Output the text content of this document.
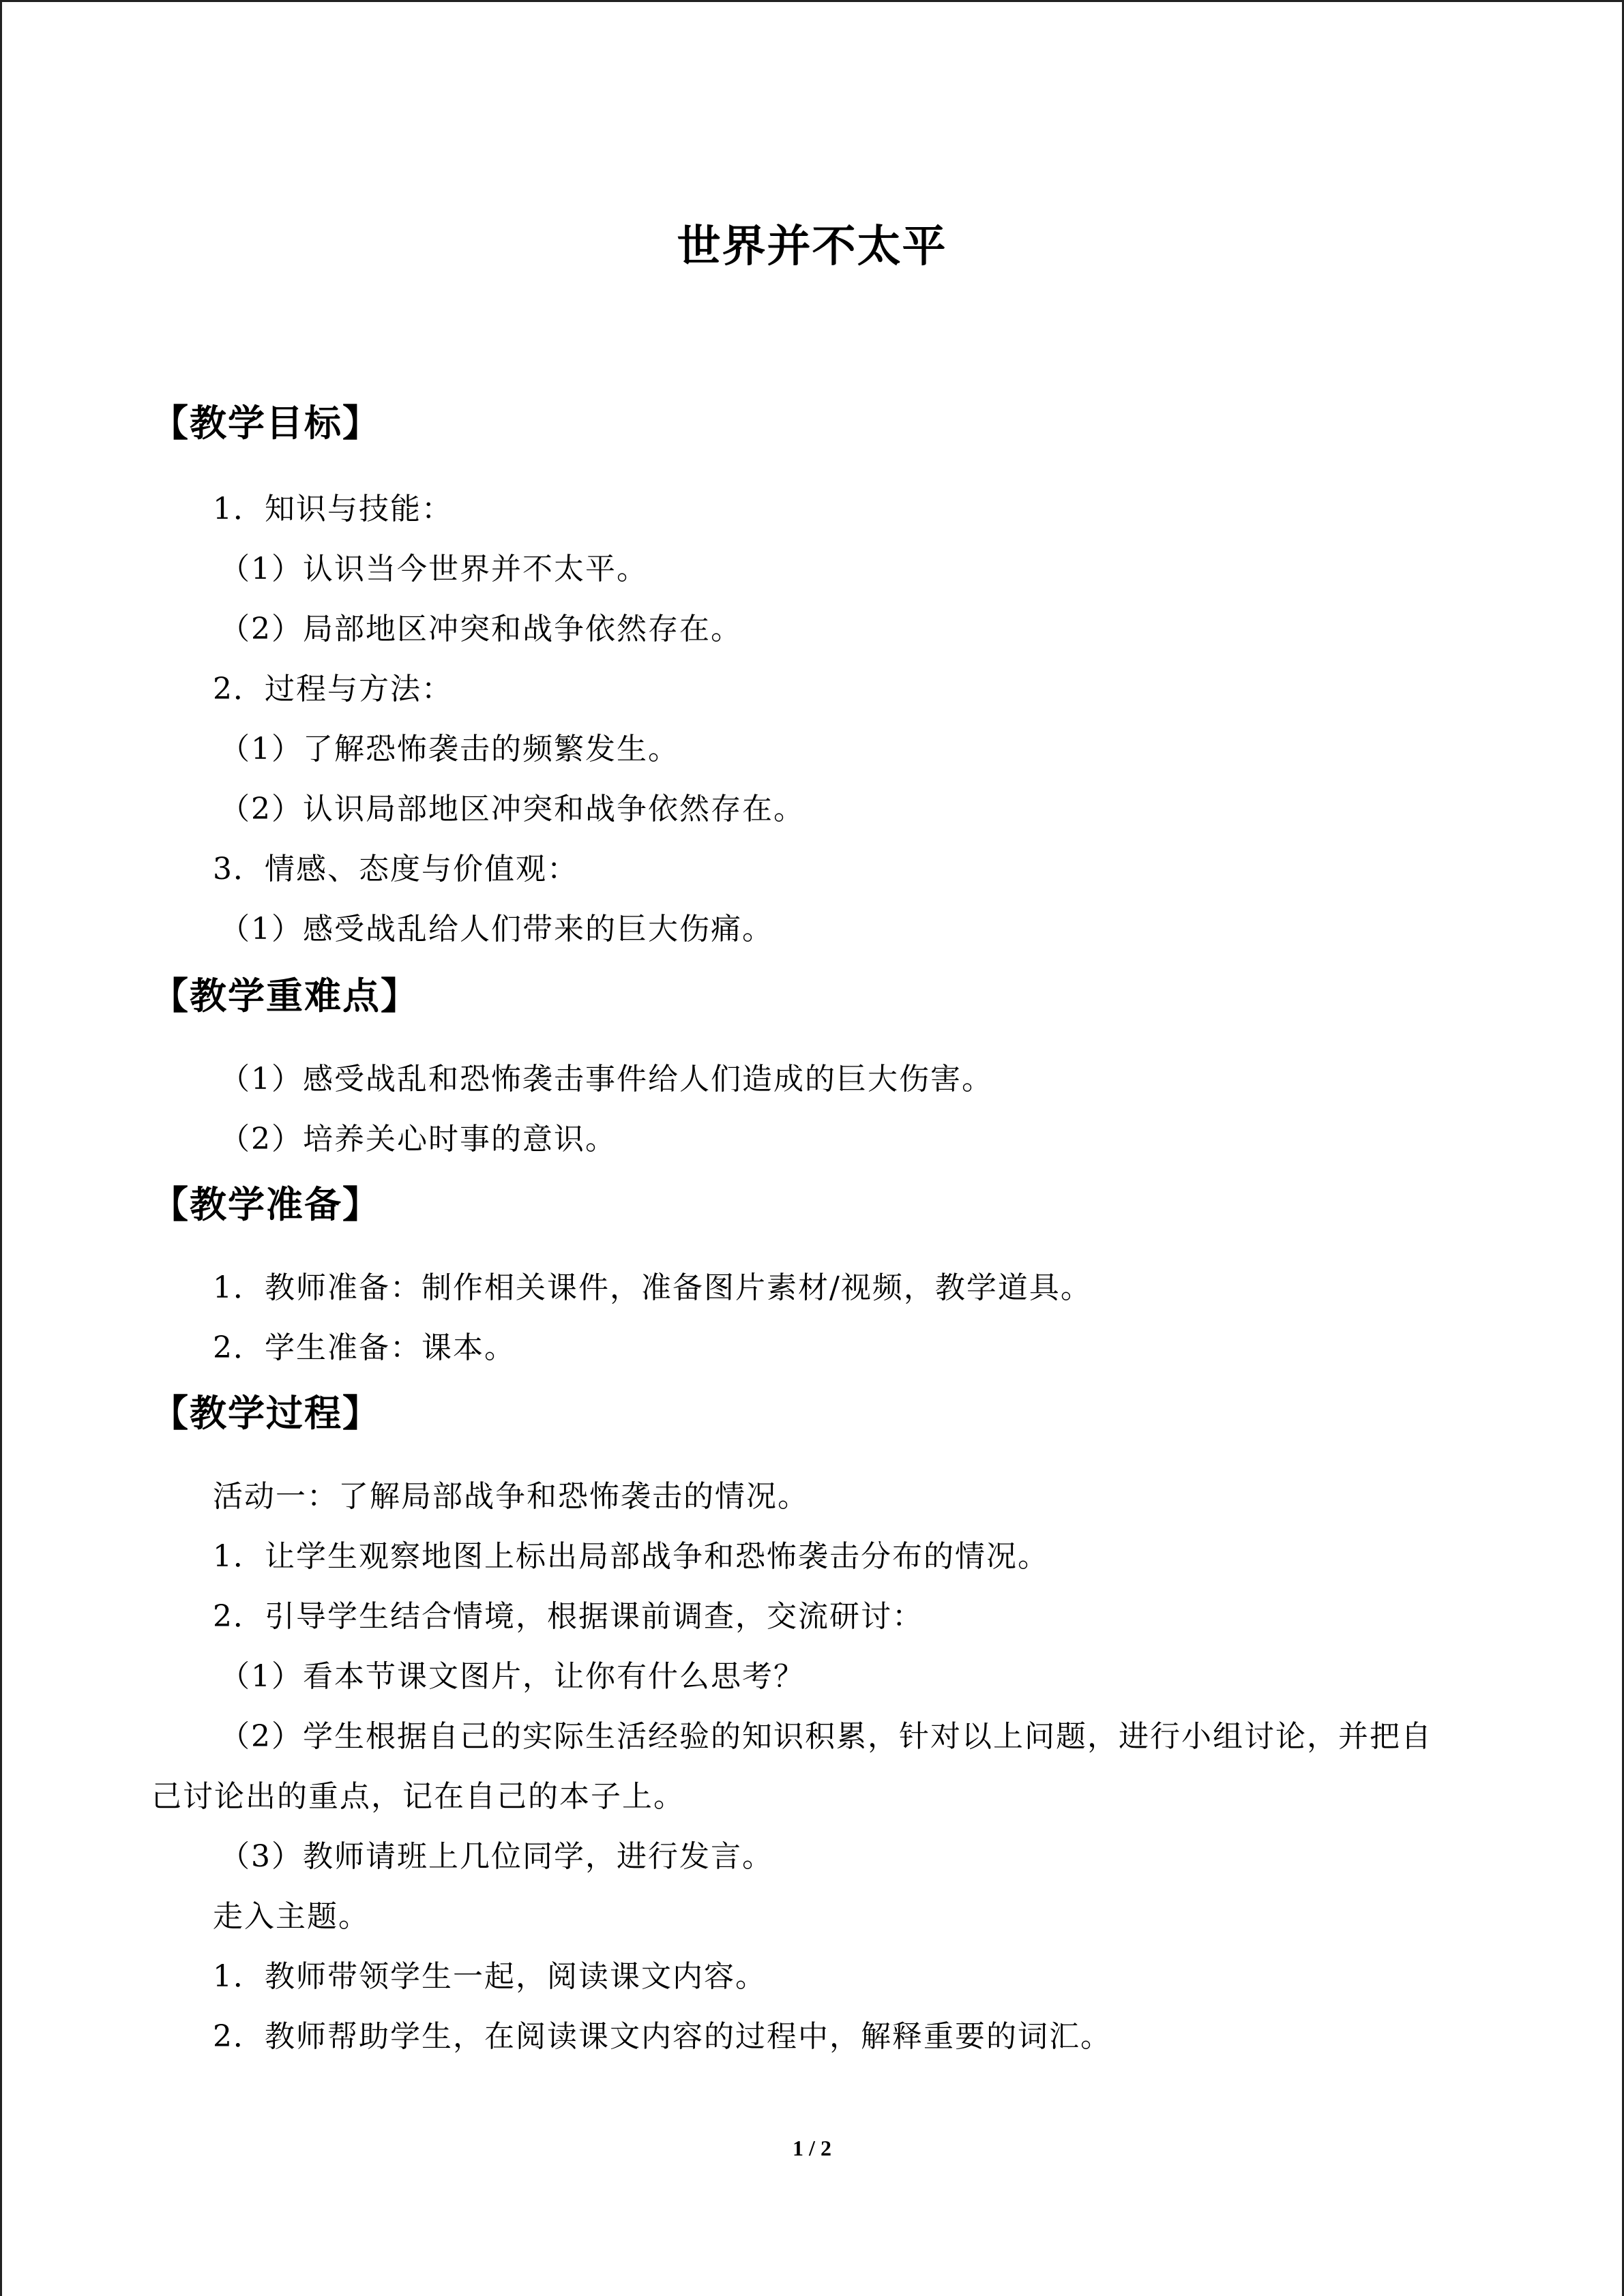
世界并不太平
【教学目标】
1．知识与技能：
（1）认识当今世界并不太平。
（2）局部地区冲突和战争依然存在。
2．过程与方法：
（1）了解恐怖袭击的频繁发生。
（2）认识局部地区冲突和战争依然存在。
3．情感、态度与价值观：
（1）感受战乱给人们带来的巨大伤痛。
【教学重难点】
（1）感受战乱和恐怖袭击事件给人们造成的巨大伤害。
（2）培养关心时事的意识。
【教学准备】
1．教师准备：制作相关课件，准备图片素材/视频，教学道具。
2．学生准备：课本。
【教学过程】
活动一：了解局部战争和恐怖袭击的情况。
1．让学生观察地图上标出局部战争和恐怖袭击分布的情况。
2．引导学生结合情境，根据课前调查，交流研讨：
（1）看本节课文图片，让你有什么思考？
（2）学生根据自己的实际生活经验的知识积累，针对以上问题，进行小组讨论，并把自
己讨论出的重点，记在自己的本子上。
（3）教师请班上几位同学，进行发言。
走入主题。
1．教师带领学生一起，阅读课文内容。
2．教师帮助学生，在阅读课文内容的过程中，解释重要的词汇。
1 / 2
